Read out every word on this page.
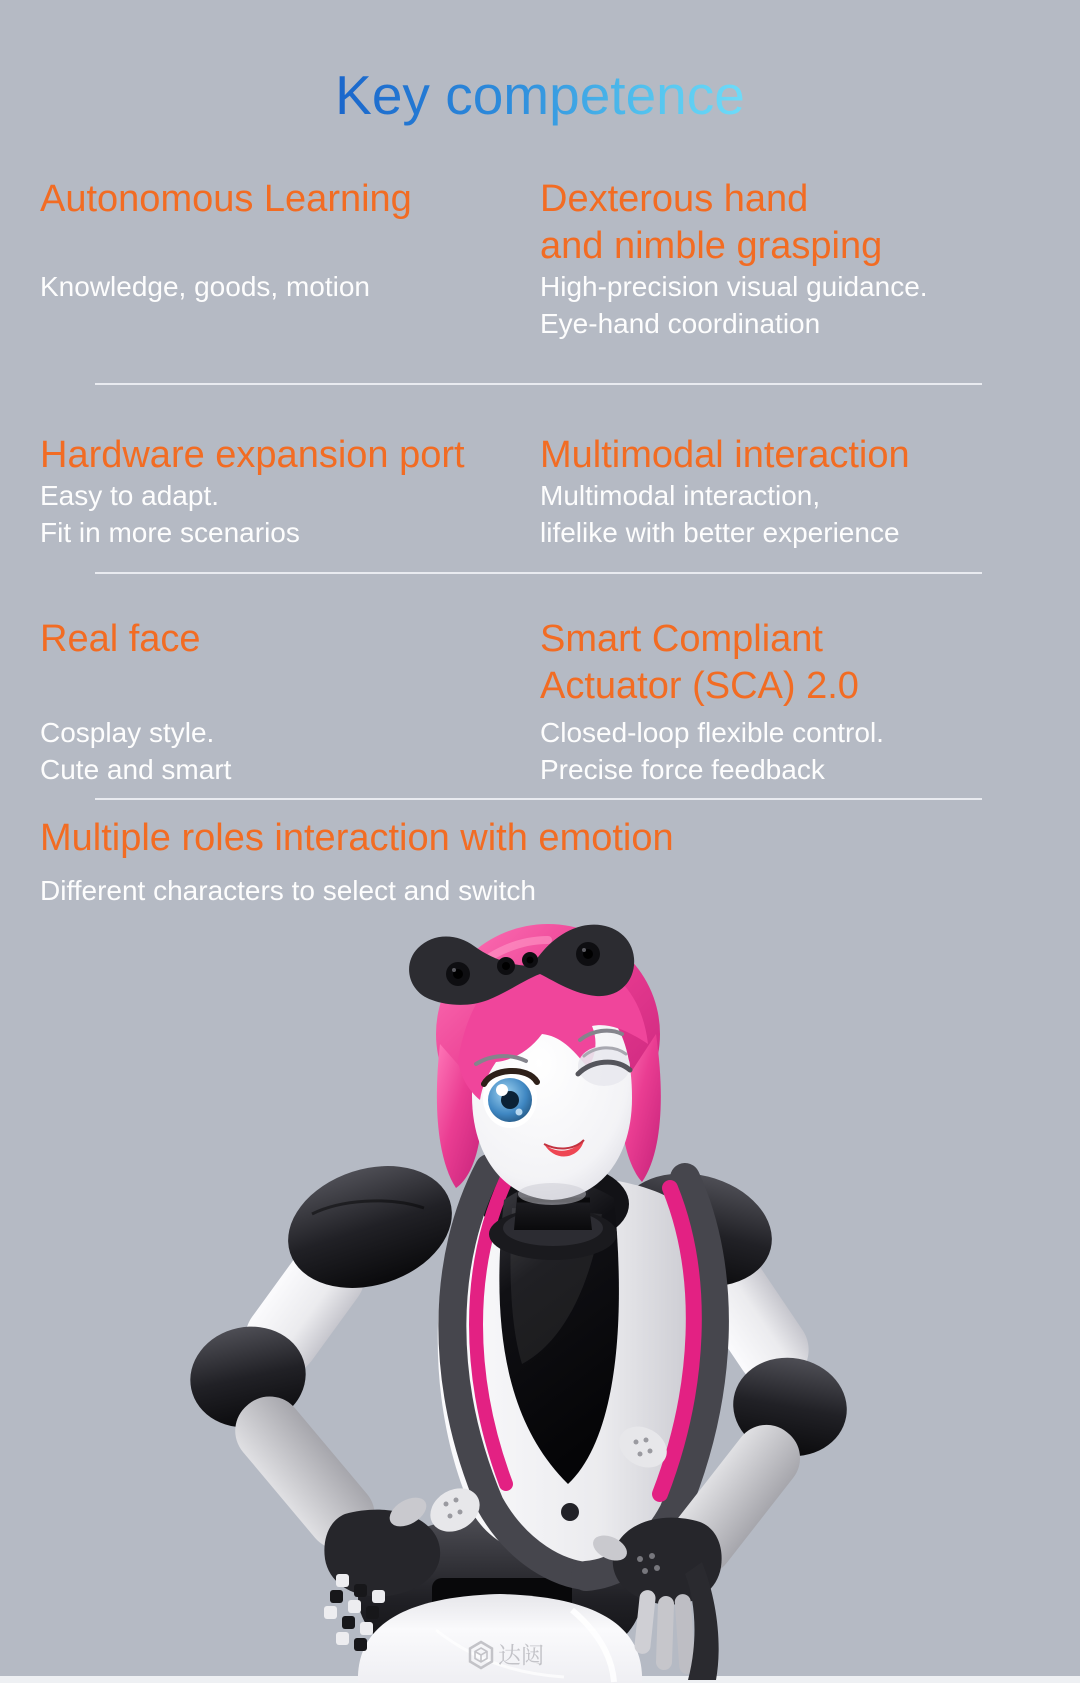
Key competence
Autonomous Learning	Dexterous hand
and nimble grasping
Knowledge, goods, motion	High-precision visual guidance.
Eye-hand coordination
Hardware expansion port Multimodal interaction
Easy to adapt.
Fit in more scenarios
Multimodal interaction,
lifelike with better experience
Real face	Smart Compliant
Actuator (SCA) 2.0
Cosplay style.
Cute and smart
Closed-loop flexible control.
Precise force feedback
Multiple roles interaction with emotion
Different characters to select and switch
达闼
